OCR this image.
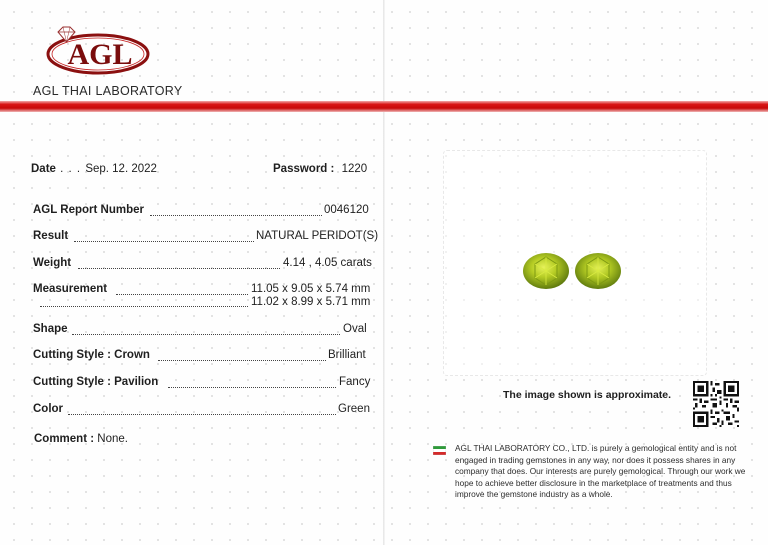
AGL
AGL THAI LABORATORY
Date . . . Sep. 12. 2022	Password : 1220
AGL Report Number	0046120
Result	NATURAL PERIDOT(S)
Weight	4.14 , 4.05 carats
Measurement	11.05 x 9.05 x 5.74 mm
11.02 x 8.99 x 5.71 mm
Shape	Oval
Cutting Style : Crown	Brilliant
Cutting Style : Pavilion	Fancy
Color	Green
Comment : None.
The image shown is approximate.
AGL THAI LABORATORY CO., LTD. is purely a gemological entity and is not engaged in trading gemstones in any way, nor does it possess shares in any company that does. Our interests are purely gemological. Through our work we hope to achieve better disclosure in the marketplace of treatments and thus improve the gemstone industry as a whole.
